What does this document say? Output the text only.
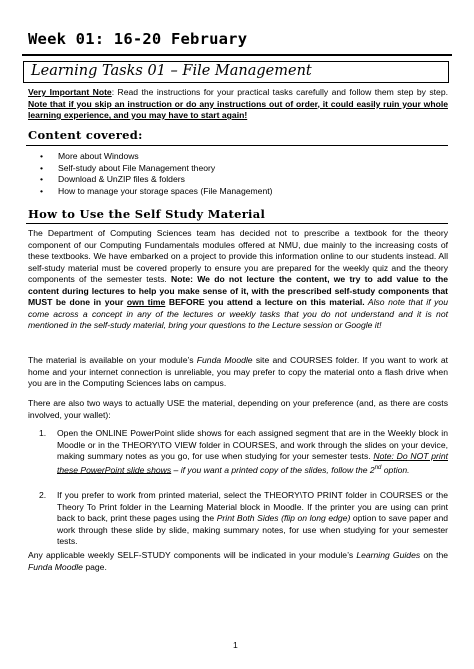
Week 01: 16-20 February
Learning Tasks 01 – File Management
Very Important Note: Read the instructions for your practical tasks carefully and follow them step by step. Note that if you skip an instruction or do any instructions out of order, it could easily ruin your whole learning experience, and you may have to start again!
Content covered:
•	More about Windows
•	Self-study about File Management theory
•	Download & UnZIP files & folders
•	How to manage your storage spaces (File Management)
How to Use the Self Study Material
The Department of Computing Sciences team has decided not to prescribe a textbook for the theory component of our Computing Fundamentals modules offered at NMU, due mainly to the increasing costs of these textbooks. We have embarked on a project to provide this information online to our students instead. All self-study material must be covered properly to ensure you are prepared for the weekly quiz and the theory components of the semester tests. Note: We do not lecture the content, we try to add value to the content during lectures to help you make sense of it, with the prescribed self-study components that MUST be done in your own time BEFORE you attend a lecture on this material. Also note that if you come across a concept in any of the lectures or weekly tasks that you do not understand and it is not mentioned in the self-study material, bring your questions to the Lecture session or Google it!
The material is available on your module’s Funda Moodle site and COURSES folder. If you want to work at home and your internet connection is unreliable, you may prefer to copy the material onto a flash drive when you are in the Computing Sciences labs on campus.
There are also two ways to actually USE the material, depending on your preference (and, as there are costs involved, your wallet):
1. Open the ONLINE PowerPoint slide shows for each assigned segment that are in the Weekly block in Moodle or in the THEORY\TO VIEW folder in COURSES, and work through the slides on your device, making summary notes as you go, for use when studying for your semester tests. Note: Do NOT print these PowerPoint slide shows – if you want a printed copy of the slides, follow the 2nd option.
2. If you prefer to work from printed material, select the THEORY\TO PRINT folder in COURSES or the Theory To Print folder in the Learning Material block in Moodle. If the printer you are using can print back to back, print these pages using the Print Both Sides (flip on long edge) option to save paper and work through these slide by slide, making summary notes, for use when studying for your semester tests.
Any applicable weekly SELF-STUDY components will be indicated in your module’s Learning Guides on the Funda Moodle page.
1
